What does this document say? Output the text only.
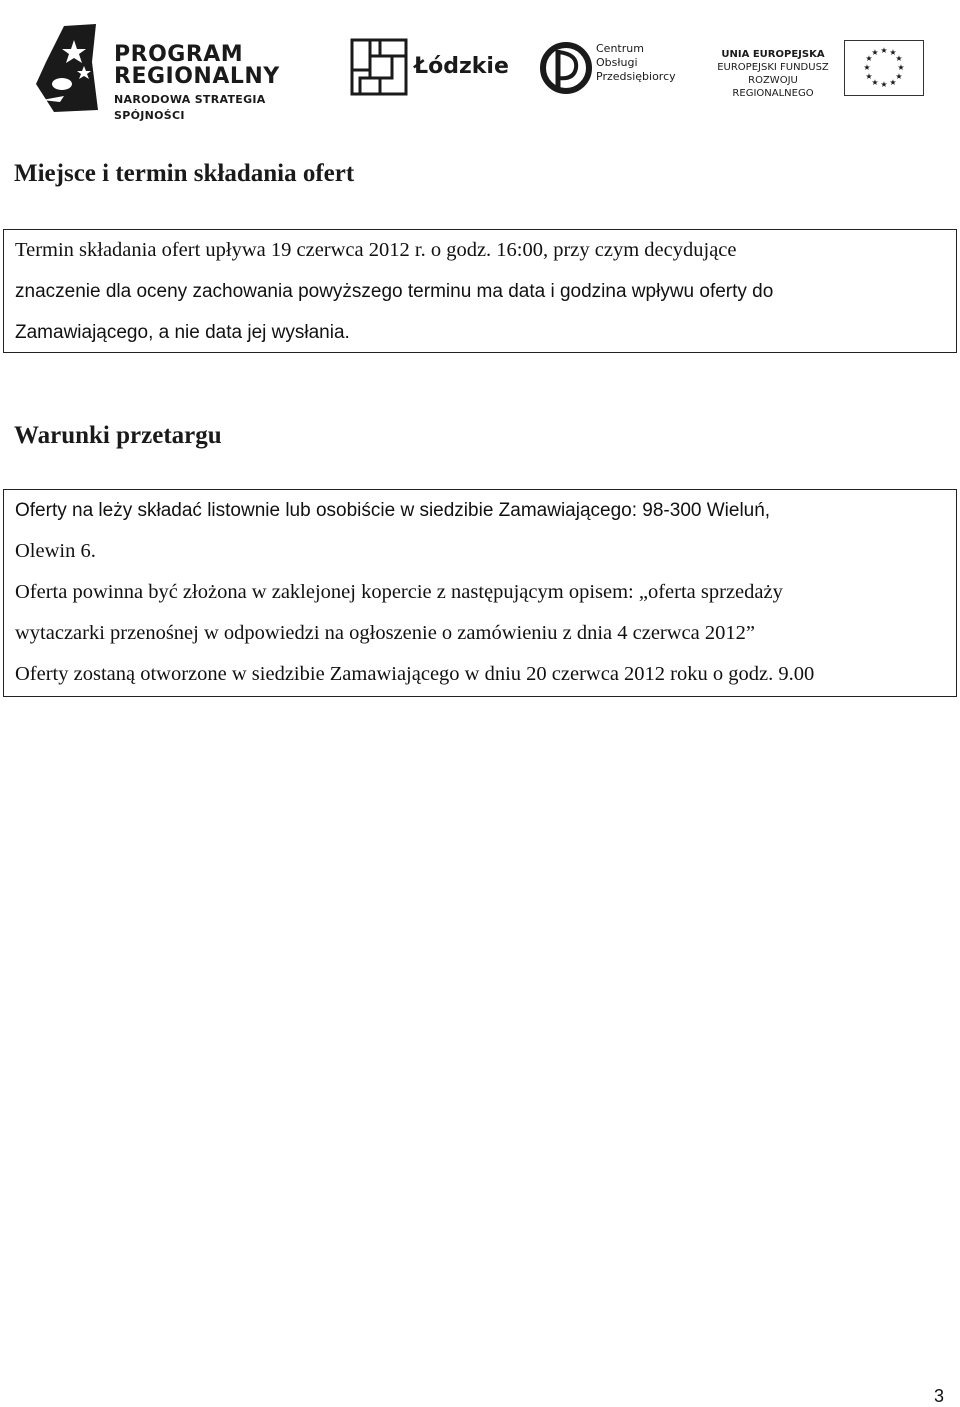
PROGRAM
REGIONALNY
NARODOWA STRATEGIA SPÓJNOŚCI
Łódzkie
Centrum
Obsługi
Przedsiębiorcy
UNIA EUROPEJSKA
EUROPEJSKI FUNDUSZ
ROZWOJU REGIONALNEGO
★ ★
★
★
★
★
★
★
★
★
★
★
Miejsce i termin składania ofert

Termin składania ofert upływa 19 czerwca 2012 r. o godz. 16:00, przy czym decydujące

znaczenie dla oceny zachowania powyższego terminu ma data i godzina wpływu oferty do

Zamawiającego, a nie data jej wysłania.

Warunki przetargu

Oferty na leży składać listownie lub osobiście w siedzibie Zamawiającego: 98-300 Wieluń,

Olewin 6.

Oferta powinna być złożona w zaklejonej kopercie z następującym opisem: „oferta sprzedaży

wytaczarki przenośnej w odpowiedzi na ogłoszenie o zamówieniu z dnia 4 czerwca 2012”

Oferty zostaną otworzone w siedzibie Zamawiającego w dniu 20 czerwca 2012 roku o godz. 9.00

3
